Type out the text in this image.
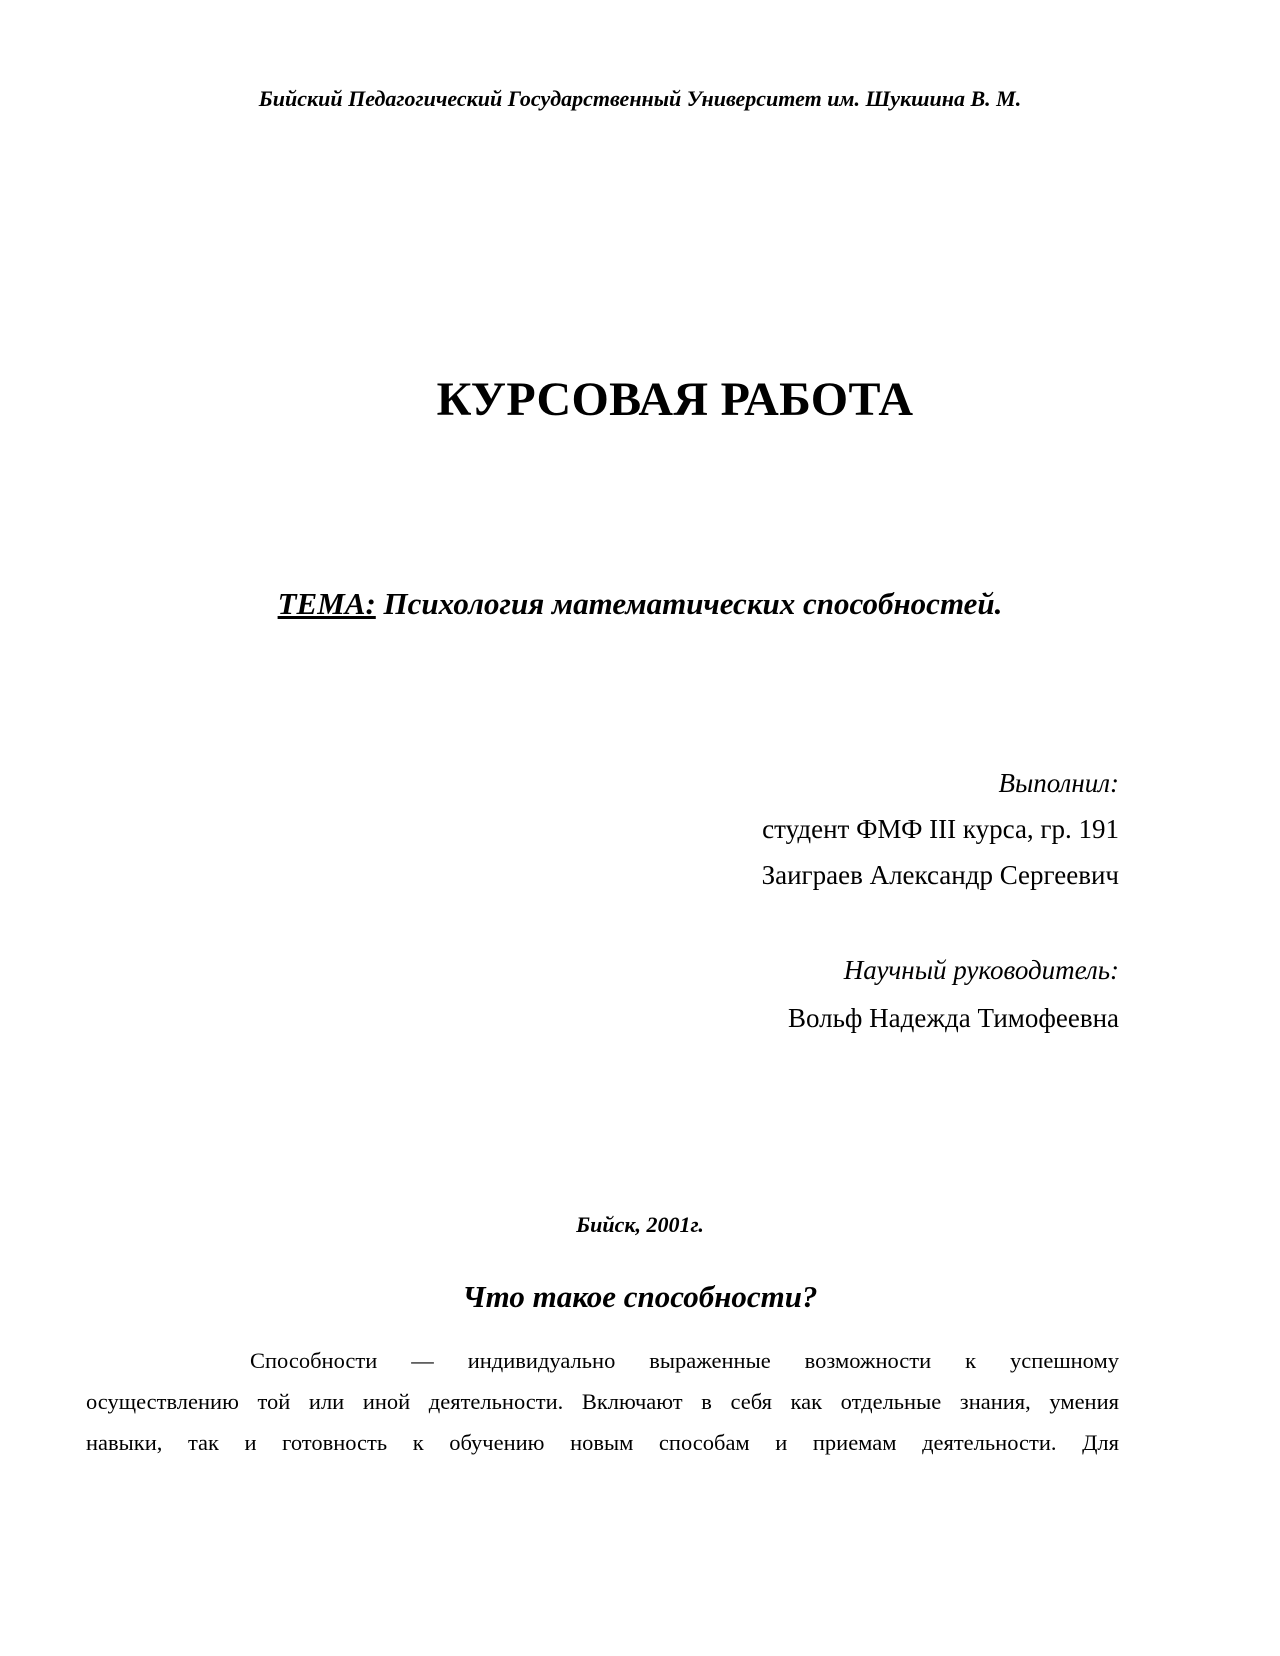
Бийский Педагогический Государственный Университет им. Шукшина В. М.

КУРСОВАЯ РАБОТА

ТЕМА: Психология математических способностей.

Выполнил:

студент ФМФ III курса, гр. 191

Заиграев Александр Сергеевич

Научный руководитель:

Вольф Надежда Тимофеевна

Бийск, 2001г.

Что такое способности?
Способности — индивидуально выраженные возможности к успешному
осуществлению той или иной деятельности. Включают в себя как отдельные знания, умения
навыки, так и готовность к обучению новым способам и приемам деятельности. Для
